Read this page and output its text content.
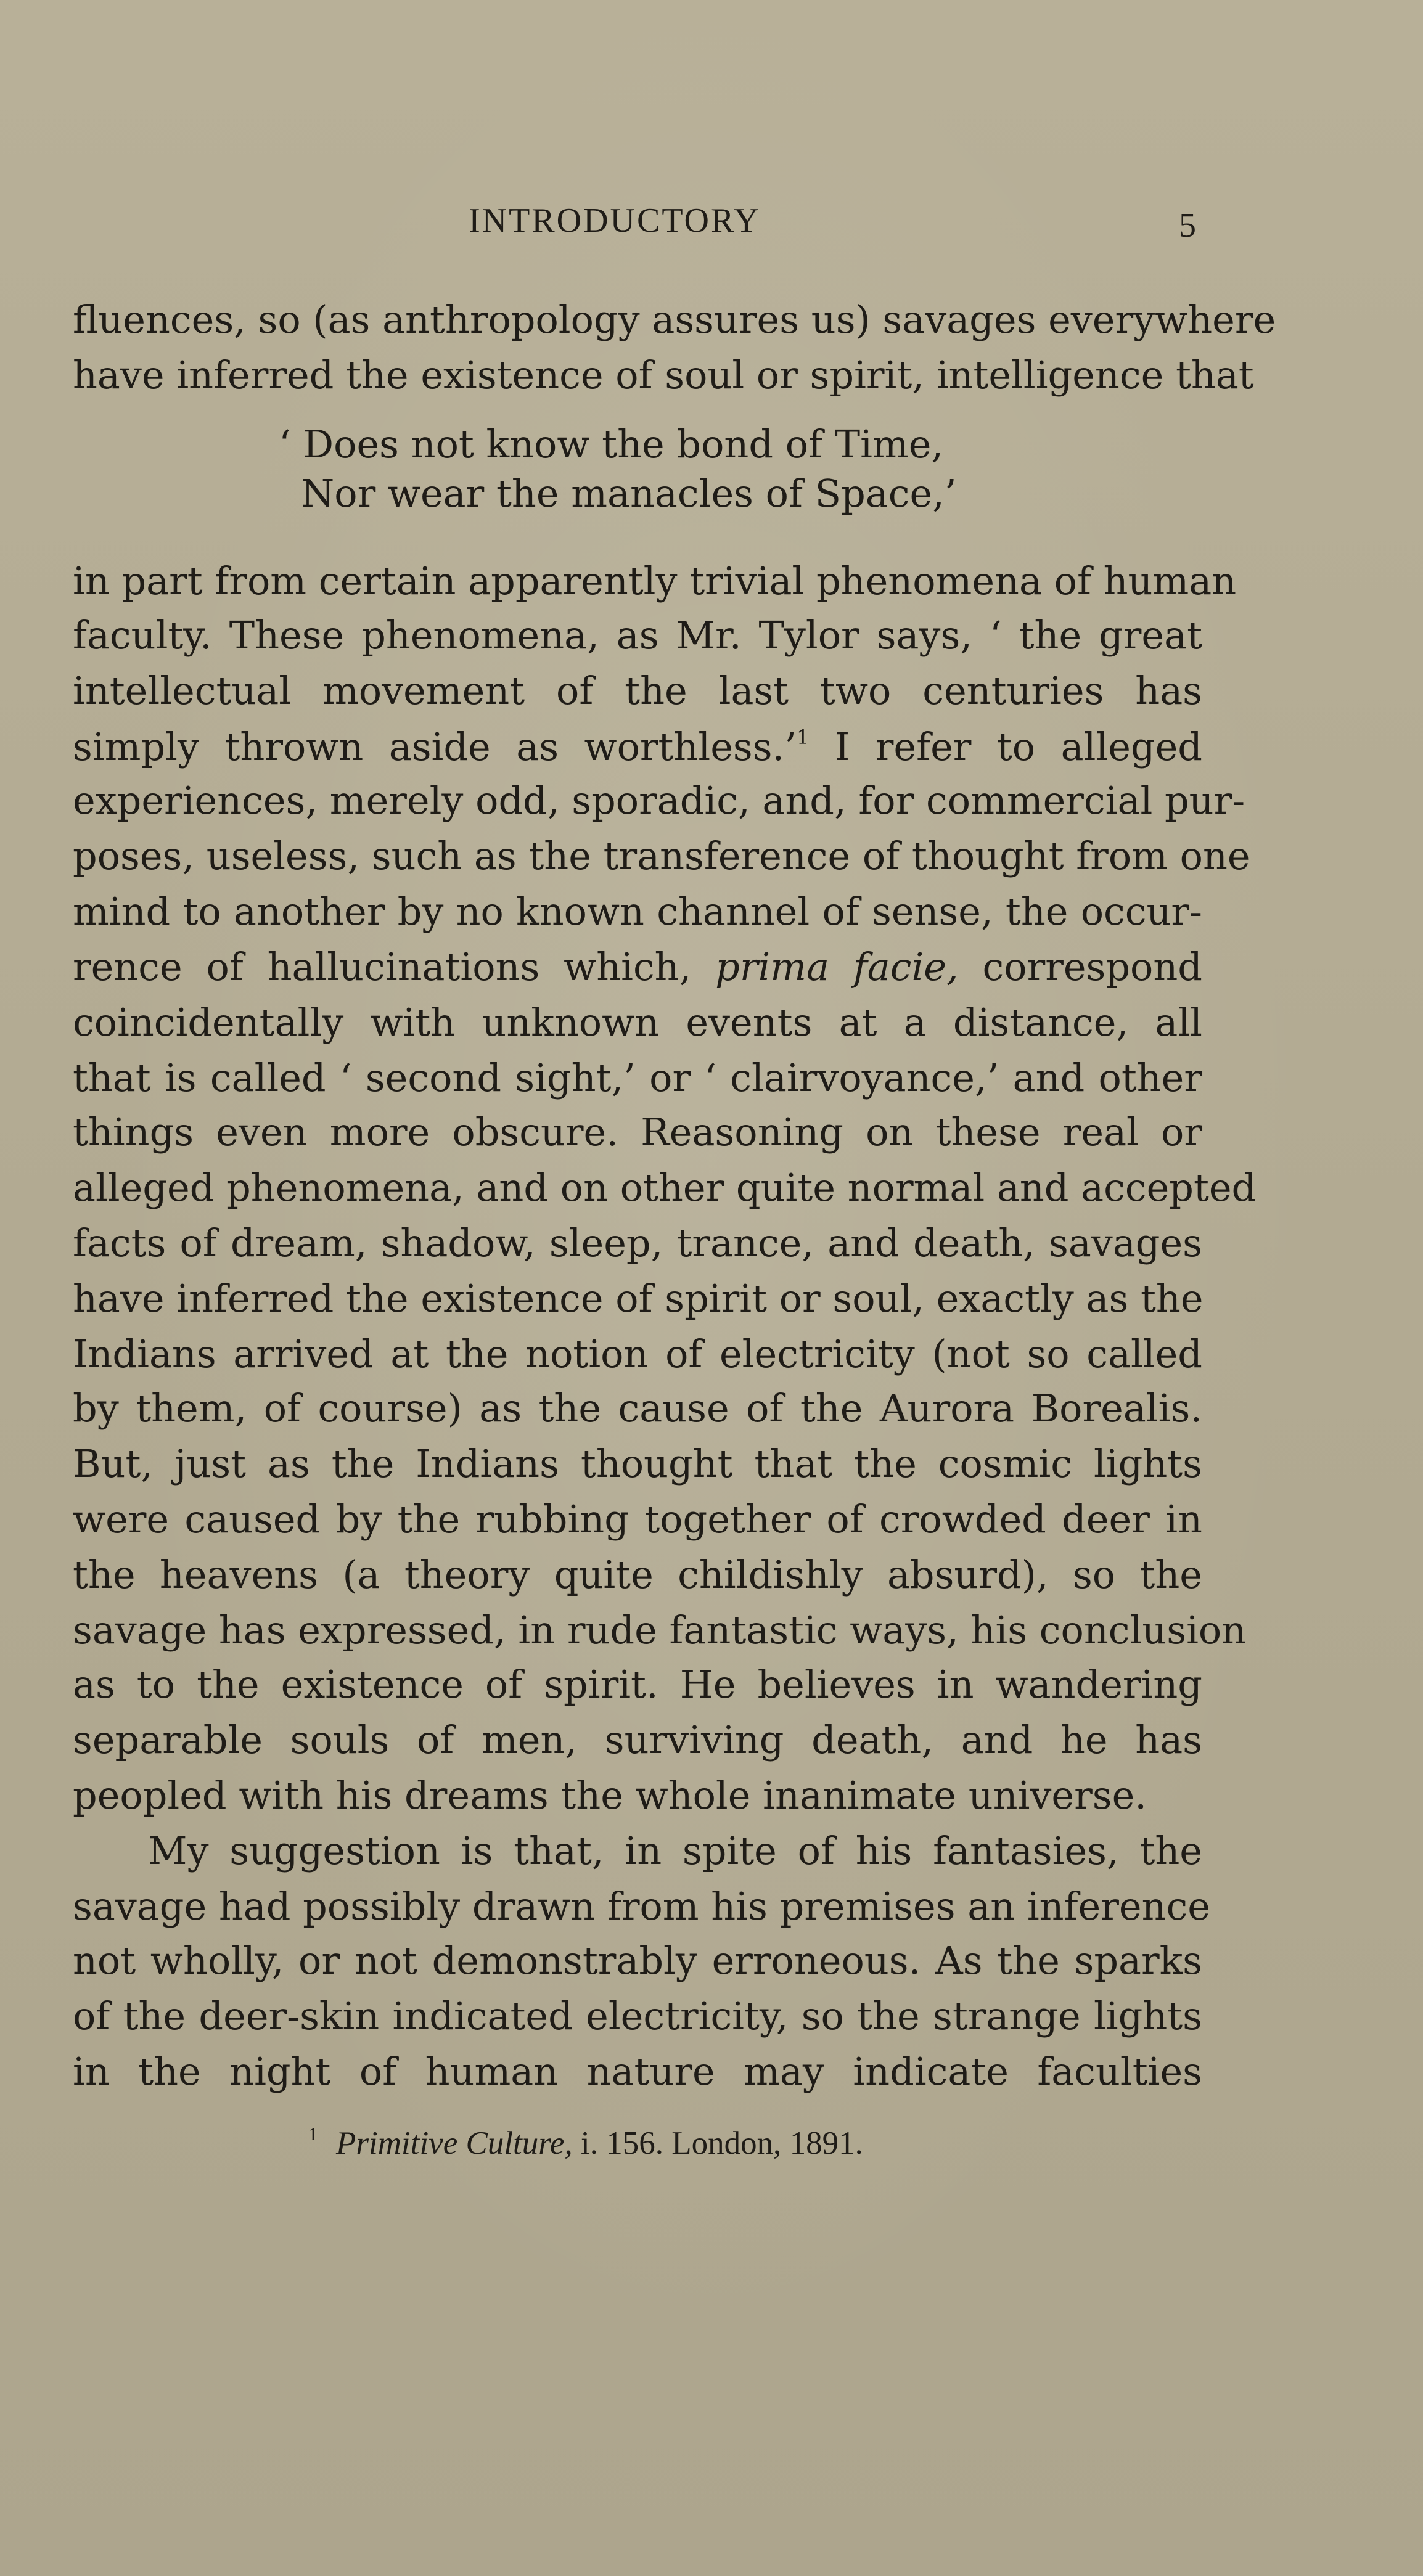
INTRODUCTORY	5
fluences, so (as anthropology assures us) savages everywhere
have inferred the existence of soul or spirit, intelligence that
‘ Does not know the bond of Time,
Nor wear the manacles of Space,’
in part from certain apparently trivial phenomena of human
faculty. These phenomena, as Mr. Tylor says, ‘ the great
intellectual movement of the last two centuries has
simply thrown aside as worthless.’$^1$ I refer to alleged
experiences, merely odd, sporadic, and, for commercial pur-
poses, useless, such as the transference of thought from one
mind to another by no known channel of sense, the occur-
rence of hallucinations which, prima facie, correspond
coincidentally with unknown events at a distance, all
that is called ‘ second sight,’ or ‘ clairvoyance,’ and other
things even more obscure. Reasoning on these real or
alleged phenomena, and on other quite normal and accepted
facts of dream, shadow, sleep, trance, and death, savages
have inferred the existence of spirit or soul, exactly as the
Indians arrived at the notion of electricity (not so called
by them, of course) as the cause of the Aurora Borealis.
But, just as the Indians thought that the cosmic lights
were caused by the rubbing together of crowded deer in
the heavens (a theory quite childishly absurd), so the
savage has expressed, in rude fantastic ways, his conclusion
as to the existence of spirit. He believes in wandering
separable souls of men, surviving death, and he has
peopled with his dreams the whole inanimate universe.
My suggestion is that, in spite of his fantasies, the
savage had possibly drawn from his premises an inference
not wholly, or not demonstrably erroneous. As the sparks
of the deer-skin indicated electricity, so the strange lights
in the night of human nature may indicate faculties
$^1$ Primitive Culture, i. 156. London, 1891.
